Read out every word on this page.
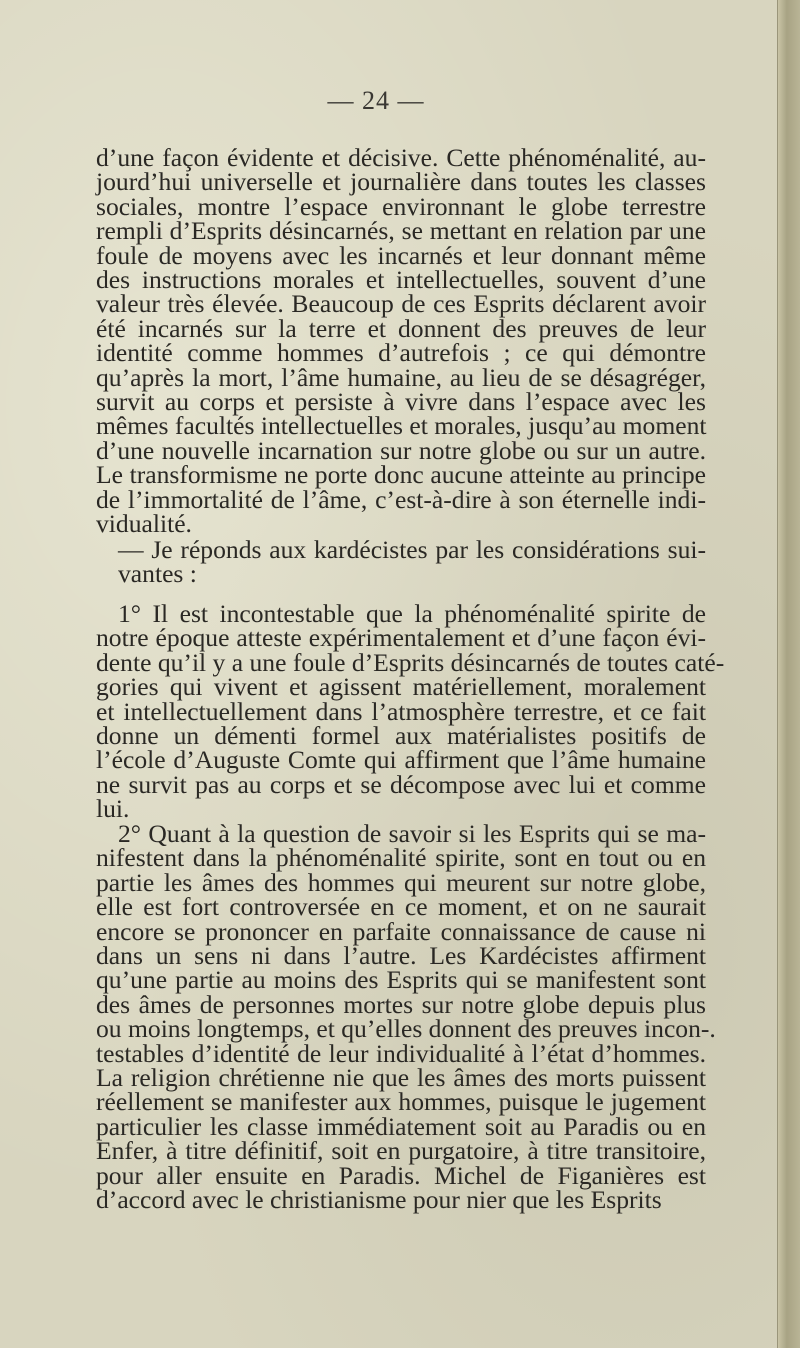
— 24 —
d’une façon évidente et décisive. Cette phénoménalité, au-
jourd’hui universelle et journalière dans toutes les classes
sociales, montre l’espace environnant le globe terrestre
rempli d’Esprits désincarnés, se mettant en relation par une
foule de moyens avec les incarnés et leur donnant même
des instructions morales et intellectuelles, souvent d’une
valeur très élevée. Beaucoup de ces Esprits déclarent avoir
été incarnés sur la terre et donnent des preuves de leur
identité comme hommes d’autrefois ; ce qui démontre
qu’après la mort, l’âme humaine, au lieu de se désagréger,
survit au corps et persiste à vivre dans l’espace avec les
mêmes facultés intellectuelles et morales, jusqu’au moment
d’une nouvelle incarnation sur notre globe ou sur un autre.
Le transformisme ne porte donc aucune atteinte au principe
de l’immortalité de l’âme, c’est-à-dire à son éternelle indi-
vidualité.
— Je réponds aux kardécistes par les considérations sui-
vantes :
1° Il est incontestable que la phénoménalité spirite de
notre époque atteste expérimentalement et d’une façon évi-
dente qu’il y a une foule d’Esprits désincarnés de toutes caté-
gories qui vivent et agissent matériellement, moralement
et intellectuellement dans l’atmosphère terrestre, et ce fait
donne un démenti formel aux matérialistes positifs de
l’école d’Auguste Comte qui affirment que l’âme humaine
ne survit pas au corps et se décompose avec lui et comme
lui.
2° Quant à la question de savoir si les Esprits qui se ma-
nifestent dans la phénoménalité spirite, sont en tout ou en
partie les âmes des hommes qui meurent sur notre globe,
elle est fort controversée en ce moment, et on ne saurait
encore se prononcer en parfaite connaissance de cause ni
dans un sens ni dans l’autre. Les Kardécistes affirment
qu’une partie au moins des Esprits qui se manifestent sont
des âmes de personnes mortes sur notre globe depuis plus
ou moins longtemps, et qu’elles donnent des preuves incon-.
testables d’identité de leur individualité à l’état d’hommes.
La religion chrétienne nie que les âmes des morts puissent
réellement se manifester aux hommes, puisque le jugement
particulier les classe immédiatement soit au Paradis ou en
Enfer, à titre définitif, soit en purgatoire, à titre transitoire,
pour aller ensuite en Paradis. Michel de Figanières est
d’accord avec le christianisme pour nier que les Esprits
